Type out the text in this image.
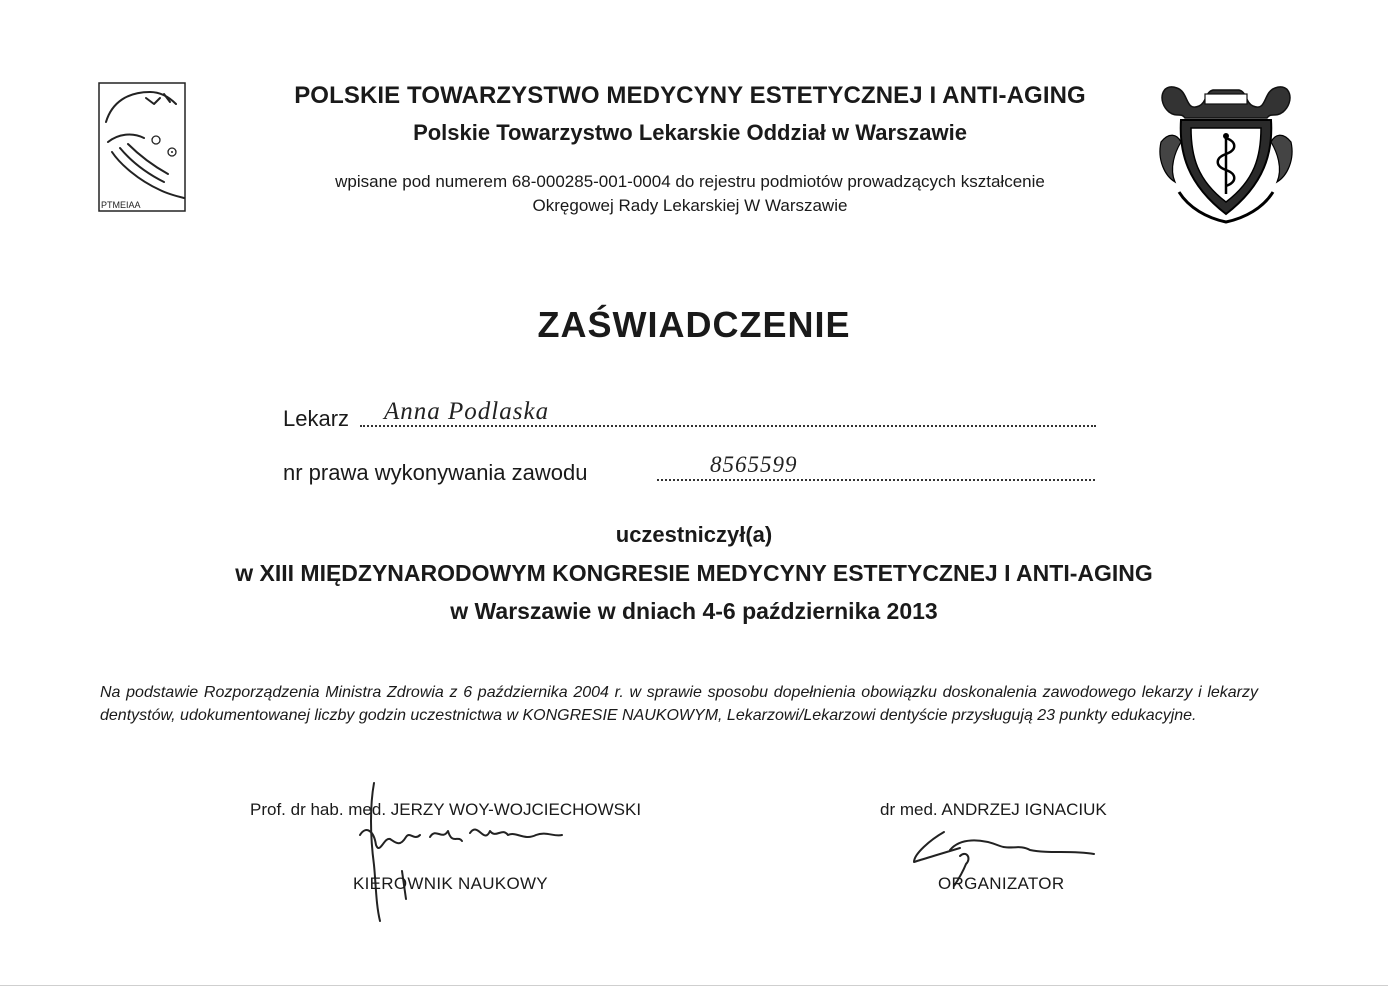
PTMEIAA
POLSKIE TOWARZYSTWO MEDYCYNY ESTETYCZNEJ I ANTI-AGING
Polskie Towarzystwo Lekarskie Oddział w Warszawie
wpisane pod numerem 68-000285-001-0004 do rejestru podmiotów prowadzących kształcenie
Okręgowej Rady Lekarskiej W Warszawie
ZAŚWIADCZENIE
Lekarz Anna Podlaska
nr prawa wykonywania zawodu	8565599
uczestniczył(a)
w XIII MIĘDZYNARODOWYM KONGRESIE MEDYCYNY ESTETYCZNEJ I ANTI-AGING
w Warszawie w dniach 4-6 października 2013
Na podstawie Rozporządzenia Ministra Zdrowia z 6 października 2004 r. w sprawie sposobu dopełnienia obowiązku doskonalenia zawodowego lekarzy i lekarzy dentystów, udokumentowanej liczby godzin uczestnictwa w KONGRESIE NAUKOWYM, Lekarzowi/Lekarzowi dentyście przysługują 23 punkty edukacyjne.
Prof. dr hab. med. JERZY WOY-WOJCIECHOWSKI
KIEROWNIK NAUKOWY
dr med. ANDRZEJ IGNACIUK
ORGANIZATOR
